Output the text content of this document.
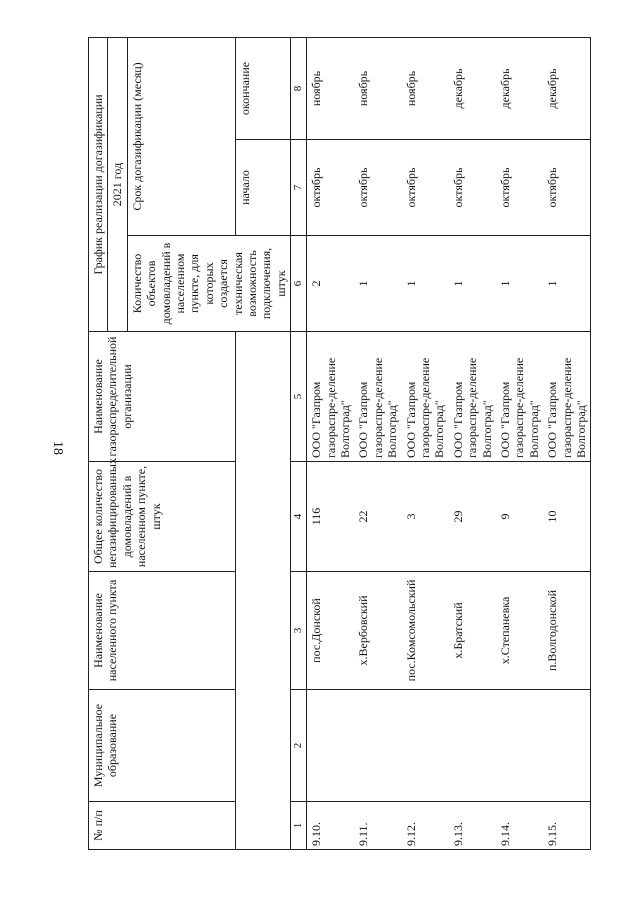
18
№ п/п	Муниципальное образование	Наименование населенного пункта	Общее количество негазифицированных домовладений в населенном пункте, штук	Наименование газораспределительной организации	График реализации догазификации		
					2021 год		
					Количество объектов домовладений в населенном пункте, для которых создается техническая возможность подключения, штук	Срок догазификации (месяц)	
						начало	окончание
1	2	3	4	5	6	7	8
9.10.		пос.Донской	116	ООО "Газпром газораспре-деление Волгоград"	2	октябрь	ноябрь
9.11.		х.Вербовский	22	ООО "Газпром газораспре-деление Волгоград"	1	октябрь	ноябрь
9.12.		пос.Комсомольский	3	ООО "Газпром газораспре-деление Волгоград"	1	октябрь	ноябрь
9.13.		х.Братский	29	ООО "Газпром газораспре-деление Волгоград"	1	октябрь	декабрь
9.14.		х.Степаневка	9	ООО "Газпром газораспре-деление Волгоград"	1	октябрь	декабрь
9.15.		п.Волгодонской	10	ООО "Газпром газораспре-деление Волгоград"	1	октябрь	декабрь
